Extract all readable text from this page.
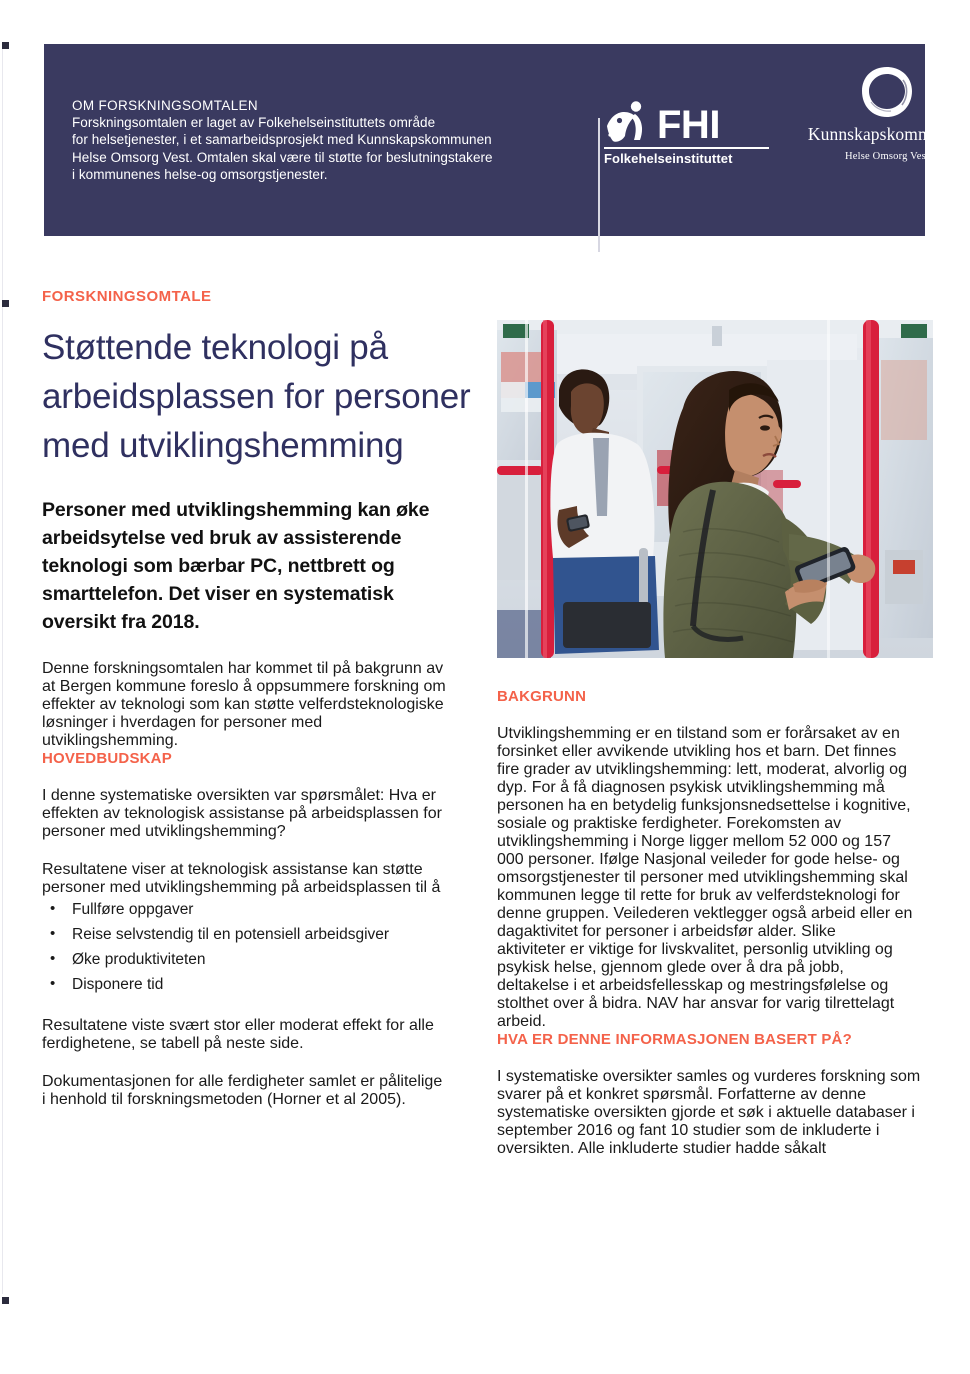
OM FORSKNINGSOMTALEN
Forskningsomtalen er laget av Folkehelseinstituttets område
for helsetjenester, i et samarbeidsprosjekt med Kunnskapskommunen
Helse Omsorg Vest. Omtalen skal være til støtte for beslutningstakere
i kommunenes helse-og omsorgstjenester.
FHI
Folkehelseinstituttet
Kunnskapskommunen
Helse Omsorg Vest
FORSKNINGSOMTALE
Støttende teknologi på arbeidsplassen for personer med utviklingshemming
Personer med utviklingshemming kan øke
arbeidsytelse ved bruk av assisterende
teknologi som bærbar PC, nettbrett og
smarttelefon. Det viser en systematisk
oversikt fra 2018.

Denne forskningsomtalen har kommet til på bakgrunn av
at Bergen kommune foreslo å oppsummere forskning om
effekter av teknologi som kan støtte velferdsteknologiske
løsninger i hverdagen for personer med
utviklingshemming.

HOVEDBUDSKAP

I denne systematiske oversikten var spørsmålet: Hva er
effekten av teknologisk assistanse på arbeidsplassen for
personer med utviklingshemming?

Resultatene viser at teknologisk assistanse kan støtte
personer med utviklingshemming på arbeidsplassen til å

• Fullføre oppgaver
• Reise selvstendig til en potensiell arbeidsgiver
• Øke produktiviteten
• Disponere tid

Resultatene viste svært stor eller moderat effekt for alle
ferdighetene, se tabell på neste side.

Dokumentasjonen for alle ferdigheter samlet er pålitelige
i henhold til forskningsmetoden (Horner et al 2005).

BAKGRUNN

Utviklingshemming er en tilstand som er forårsaket av en
forsinket eller avvikende utvikling hos et barn. Det finnes
fire grader av utviklingshemming: lett, moderat, alvorlig og
dyp. For å få diagnosen psykisk utviklingshemming må
personen ha en betydelig funksjonsnedsettelse i kognitive,
sosiale og praktiske ferdigheter. Forekomsten av
utviklingshemming i Norge ligger mellom 52 000 og 157
000 personer. Ifølge Nasjonal veileder for gode helse- og
omsorgstjenester til personer med utviklingshemming skal
kommunen legge til rette for bruk av velferdsteknologi for
denne gruppen. Veilederen vektlegger også arbeid eller en
dagaktivitet for personer i arbeidsfør alder. Slike
aktiviteter er viktige for livskvalitet, personlig utvikling og
psykisk helse, gjennom glede over å dra på jobb,
deltakelse i et arbeidsfellesskap og mestringsfølelse og
stolthet over å bidra. NAV har ansvar for varig tilrettelagt
arbeid.

HVA ER DENNE INFORMASJONEN BASERT PÅ?

I systematiske oversikter samles og vurderes forskning som
svarer på et konkret spørsmål. Forfatterne av denne
systematiske oversikten gjorde et søk i aktuelle databaser i
september 2016 og fant 10 studier som de inkluderte i
oversikten. Alle inkluderte studier hadde såkalt
